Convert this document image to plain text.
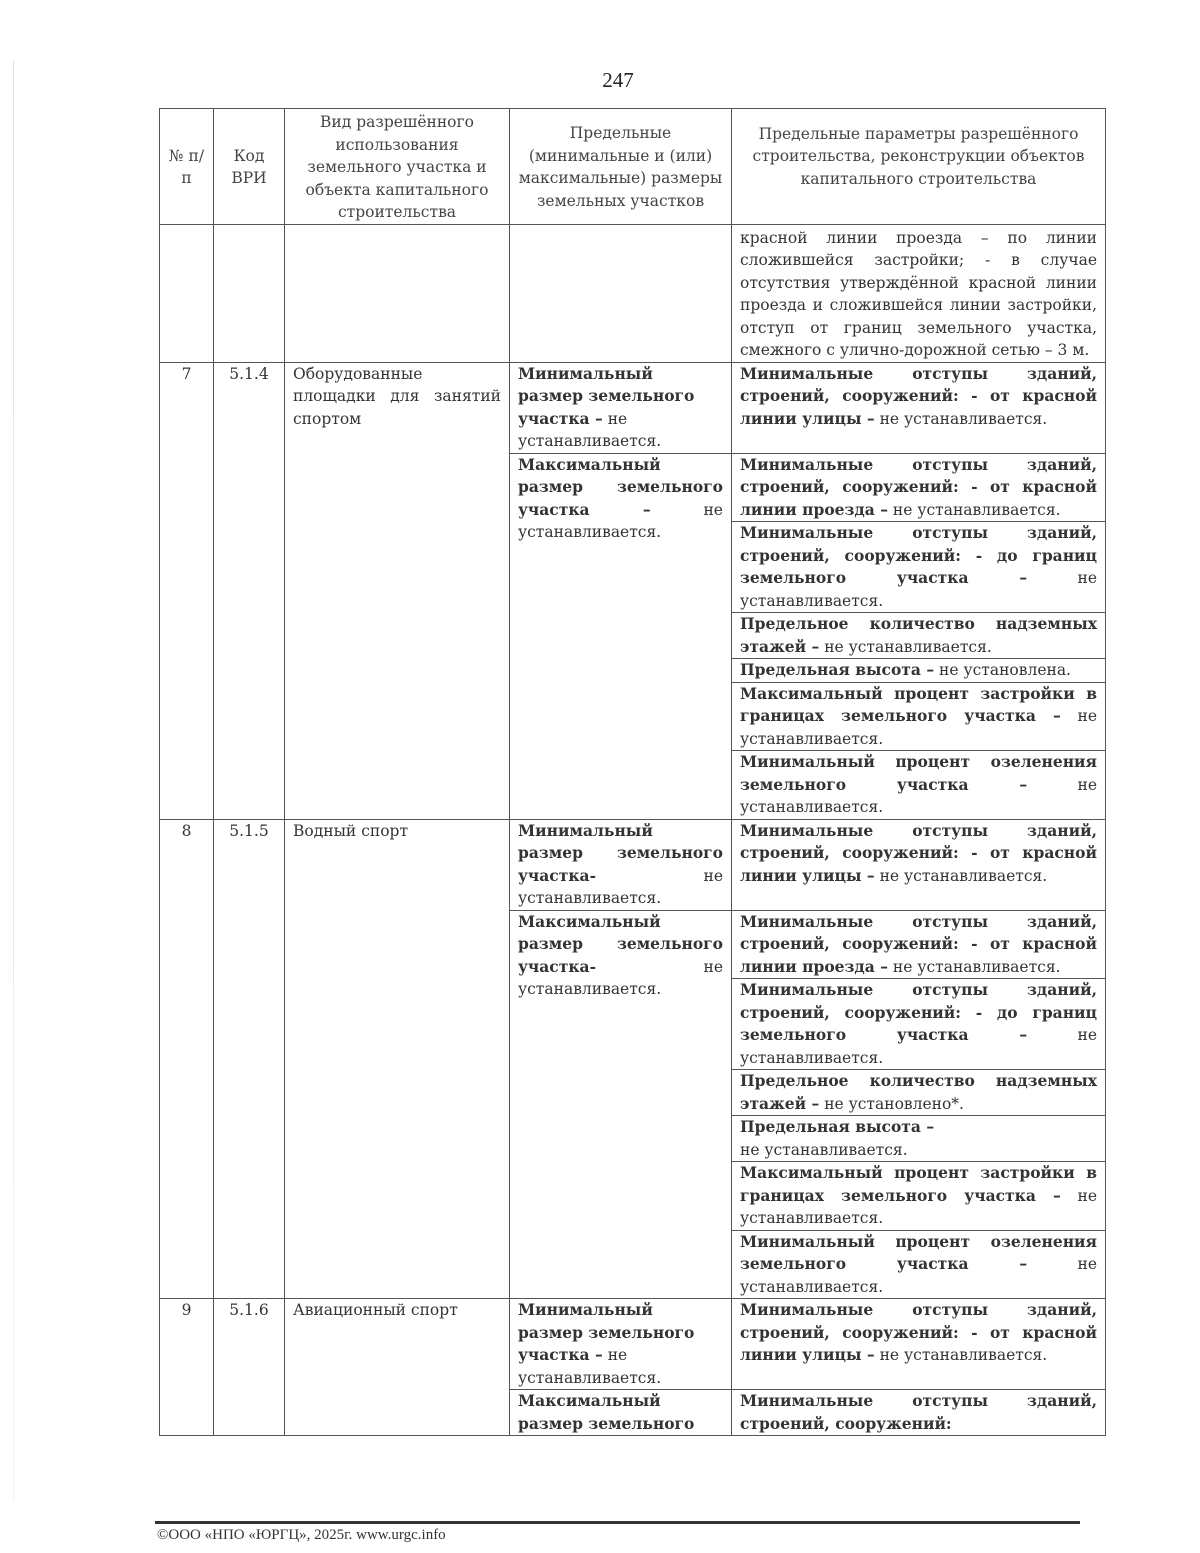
247
№ п/п	Код ВРИ	Вид разрешённого использования земельного участка и объекта капитального строительства	Предельные (минимальные и (или) максимальные) размеры земельных участков	Предельные параметры разрешённого строительства, реконструкции объектов капитального строительства
				красной линии проезда – по линии сложившейся застройки; - в случае отсутствия утверждённой красной линии проезда и сложившейся линии застройки, отступ от границ земельного участка, смежного с улично-дорожной сетью – 3 м.
7	5.1.4	Оборудованные площадки для занятий спортом	Минимальный размер земельного участка – не устанавливается.	Минимальные отступы зданий, строений, сооружений: - от красной линии улицы – не устанавливается.
			Максимальный размер земельного участка – не устанавливается.	Минимальные отступы зданий, строений, сооружений: - от красной линии проезда – не устанавливается.
				Минимальные отступы зданий, строений, сооружений: - до границ земельного участка – не устанавливается.
				Предельное количество надземных этажей – не устанавливается.
				Предельная высота – не установлена.
				Максимальный процент застройки в границах земельного участка – не устанавливается.
				Минимальный процент озеленения земельного участка – не устанавливается.
8	5.1.5	Водный спорт	Минимальный размер земельного участка- не устанавливается.	Минимальные отступы зданий, строений, сооружений: - от красной линии улицы – не устанавливается.
			Максимальный размер земельного участка- не устанавливается.	Минимальные отступы зданий, строений, сооружений: - от красной линии проезда – не устанавливается.
				Минимальные отступы зданий, строений, сооружений: - до границ земельного участка – не устанавливается.
				Предельное количество надземных этажей – не установлено*.
				Предельная высота –
не устанавливается.
				Максимальный процент застройки в границах земельного участка – не устанавливается.
				Минимальный процент озеленения земельного участка – не устанавливается.
9	5.1.6	Авиационный спорт	Минимальный размер земельного участка – не устанавливается.	Минимальные отступы зданий, строений, сооружений: - от красной линии улицы – не устанавливается.
			Максимальный размер земельного	Минимальные отступы зданий, строений, сооружений:
©ООО «НПО «ЮРГЦ», 2025г. www.urgc.info
